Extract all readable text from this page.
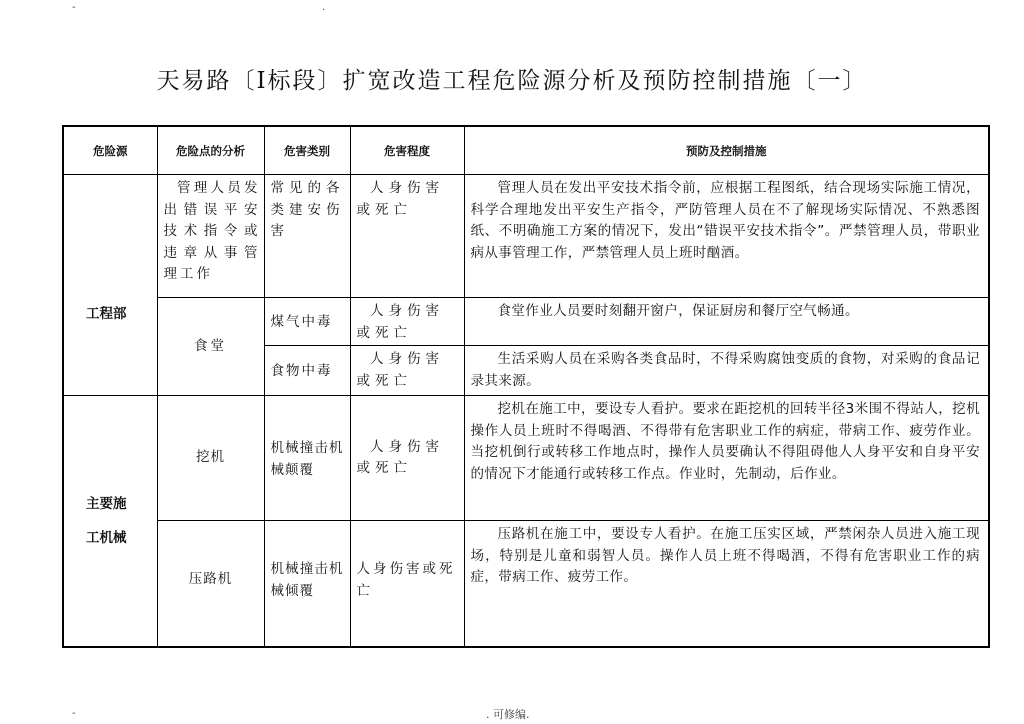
-	.
天易路〔Ⅰ标段〕扩宽改造工程危险源分析及预防控制措施〔一〕
危险源	危险点的分析	危害类别	危害程度	预防及控制措施
工程部	管理人员发出错误平安技术指令或违章从事管理工作	常见的各类建安伤害	人身伤害或死亡	管理人员在发出平安技术指令前，应根据工程图纸，结合现场实际施工情况，科学合理地发出平安生产指令，严防管理人员在不了解现场实际情况、不熟悉图纸、不明确施工方案的情况下，发出“错误平安技术指令”。严禁管理人员，带职业病从事管理工作，严禁管理人员上班时酗酒。
	食堂	煤气中毒	人身伤害或死亡	食堂作业人员要时刻翻开窗户，保证厨房和餐厅空气畅通。
		食物中毒	人身伤害或死亡	生活采购人员在采购各类食品时，不得采购腐蚀变质的食物，对采购的食品记录其来源。
主要施
工机械	挖机	机械撞击机械颠覆	人身伤害或死亡	挖机在施工中，要设专人看护。要求在距挖机的回转半径3米围不得站人，挖机操作人员上班时不得喝酒、不得带有危害职业工作的病症，带病工作、疲劳作业。当挖机倒行或转移工作地点时，操作人员要确认不得阻碍他人人身平安和自身平安的情况下才能通行或转移工作点。作业时，先制动，后作业。
	压路机	机械撞击机械倾覆	人身伤害或死亡	压路机在施工中，要设专人看护。在施工压实区域，严禁闲杂人员进入施工现场，特别是儿童和弱智人员。操作人员上班不得喝酒，不得有危害职业工作的病症，带病工作、疲劳工作。
-	. 可修编.
